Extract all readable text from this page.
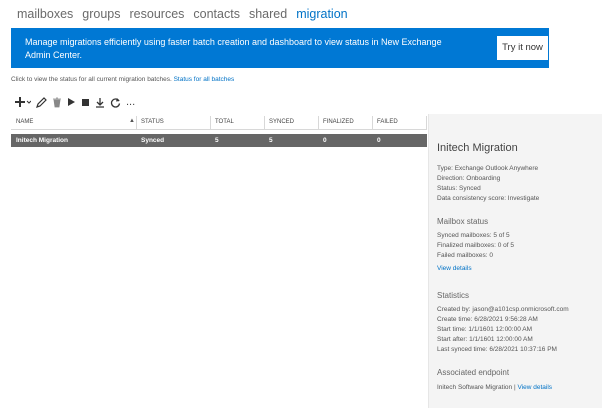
mailboxes groups resources contacts shared migration
Manage migrations efficiently using faster batch creation and dashboard to view status in New Exchange Admin Center.
Try it now
Click to view the status for all current migration batches. Status for all batches
...
NAME	▲ STATUS	TOTAL	SYNCED	FINALIZED	FAILED
Initech Migration	Synced	5	5	0	0
Initech Migration
Type: Exchange Outlook Anywhere
Direction: Onboarding
Status: Synced
Data consistency score: Investigate
Mailbox status
Synced mailboxes: 5 of 5
Finalized mailboxes: 0 of 5
Failed mailboxes: 0
View details
Statistics
Created by: jason@a101csp.onmicrosoft.com
Create time: 6/28/2021 9:56:28 AM
Start time: 1/1/1601 12:00:00 AM
Start after: 1/1/1601 12:00:00 AM
Last synced time: 6/28/2021 10:37:16 PM
Associated endpoint
Initech Software Migration | View details
